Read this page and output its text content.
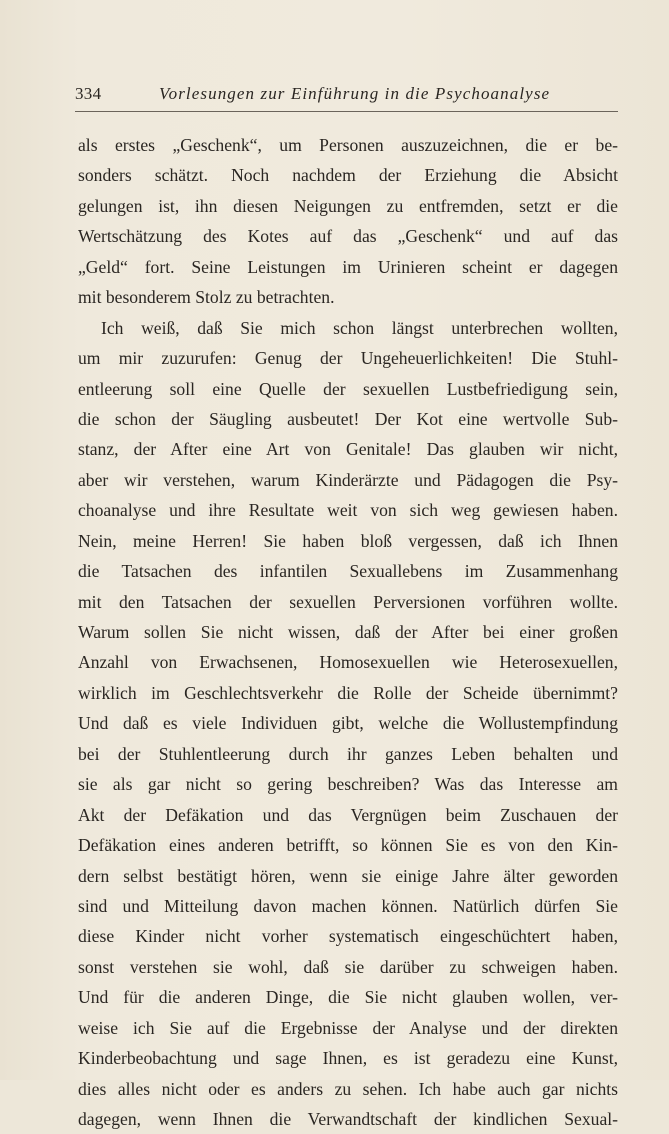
334	Vorlesungen zur Einführung in die Psychoanalyse
als erstes „Geschenk“, um Personen auszuzeichnen, die er be-
sonders schätzt. Noch nachdem der Erziehung die Absicht
gelungen ist, ihn diesen Neigungen zu entfremden, setzt er die
Wertschätzung des Kotes auf das „Geschenk“ und auf das
„Geld“ fort. Seine Leistungen im Urinieren scheint er dagegen
mit besonderem Stolz zu betrachten.
Ich weiß, daß Sie mich schon längst unterbrechen wollten,
um mir zuzurufen: Genug der Ungeheuerlichkeiten! Die Stuhl-
entleerung soll eine Quelle der sexuellen Lustbefriedigung sein,
die schon der Säugling ausbeutet! Der Kot eine wertvolle Sub-
stanz, der After eine Art von Genitale! Das glauben wir nicht,
aber wir verstehen, warum Kinderärzte und Pädagogen die Psy-
choanalyse und ihre Resultate weit von sich weg gewiesen haben.
Nein, meine Herren! Sie haben bloß vergessen, daß ich Ihnen
die Tatsachen des infantilen Sexuallebens im Zusammenhang
mit den Tatsachen der sexuellen Perversionen vorführen wollte.
Warum sollen Sie nicht wissen, daß der After bei einer großen
Anzahl von Erwachsenen, Homosexuellen wie Heterosexuellen,
wirklich im Geschlechtsverkehr die Rolle der Scheide übernimmt?
Und daß es viele Individuen gibt, welche die Wollustempfindung
bei der Stuhlentleerung durch ihr ganzes Leben behalten und
sie als gar nicht so gering beschreiben? Was das Interesse am
Akt der Defäkation und das Vergnügen beim Zuschauen der
Defäkation eines anderen betrifft, so können Sie es von den Kin-
dern selbst bestätigt hören, wenn sie einige Jahre älter geworden
sind und Mitteilung davon machen können. Natürlich dürfen Sie
diese Kinder nicht vorher systematisch eingeschüchtert haben,
sonst verstehen sie wohl, daß sie darüber zu schweigen haben.
Und für die anderen Dinge, die Sie nicht glauben wollen, ver-
weise ich Sie auf die Ergebnisse der Analyse und der direkten
Kinderbeobachtung und sage Ihnen, es ist geradezu eine Kunst,
dies alles nicht oder es anders zu sehen. Ich habe auch gar nichts
dagegen, wenn Ihnen die Verwandtschaft der kindlichen Sexual-
